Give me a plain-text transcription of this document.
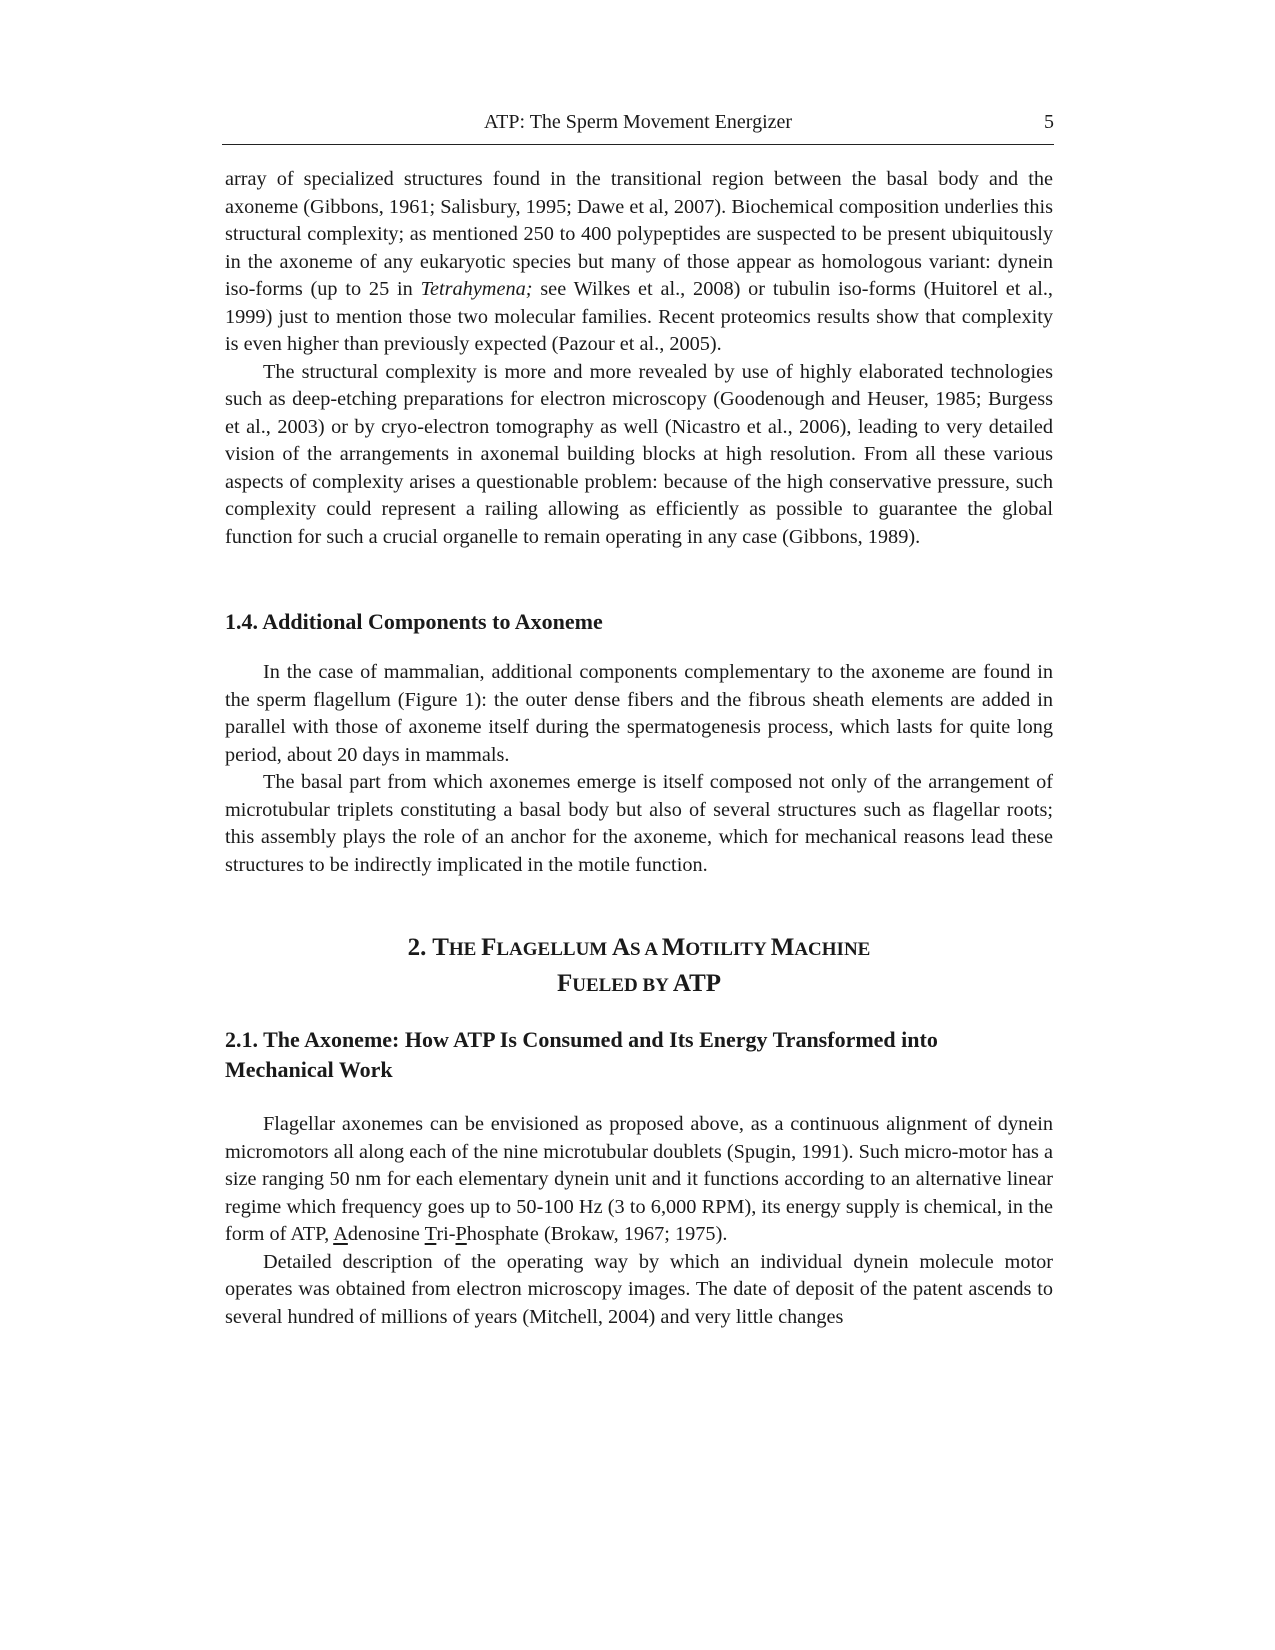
ATP: The Sperm Movement Energizer	5

array of specialized structures found in the transitional region between the basal body and the axoneme (Gibbons, 1961; Salisbury, 1995; Dawe et al, 2007). Biochemical composition underlies this structural complexity; as mentioned 250 to 400 polypeptides are suspected to be present ubiquitously in the axoneme of any eukaryotic species but many of those appear as homologous variant: dynein iso-forms (up to 25 in Tetrahymena; see Wilkes et al., 2008) or tubulin iso-forms (Huitorel et al., 1999) just to mention those two molecular families. Recent proteomics results show that complexity is even higher than previously expected (Pazour et al., 2005).

The structural complexity is more and more revealed by use of highly elaborated technologies such as deep-etching preparations for electron microscopy (Goodenough and Heuser, 1985; Burgess et al., 2003) or by cryo-electron tomography as well (Nicastro et al., 2006), leading to very detailed vision of the arrangements in axonemal building blocks at high resolution. From all these various aspects of complexity arises a questionable problem: because of the high conservative pressure, such complexity could represent a railing allowing as efficiently as possible to guarantee the global function for such a crucial organelle to remain operating in any case (Gibbons, 1989).

1.4. Additional Components to Axoneme

In the case of mammalian, additional components complementary to the axoneme are found in the sperm flagellum (Figure 1): the outer dense fibers and the fibrous sheath elements are added in parallel with those of axoneme itself during the spermatogenesis process, which lasts for quite long period, about 20 days in mammals.

The basal part from which axonemes emerge is itself composed not only of the arrangement of microtubular triplets constituting a basal body but also of several structures such as flagellar roots; this assembly plays the role of an anchor for the axoneme, which for mechanical reasons lead these structures to be indirectly implicated in the motile function.

2. THE FLAGELLUM AS A MOTILITY MACHINE
FUELED BY ATP
2.1. The Axoneme: How ATP Is Consumed and Its Energy Transformed into Mechanical Work

Flagellar axonemes can be envisioned as proposed above, as a continuous alignment of dynein micromotors all along each of the nine microtubular doublets (Spugin, 1991). Such micro-motor has a size ranging 50 nm for each elementary dynein unit and it functions according to an alternative linear regime which frequency goes up to 50-100 Hz (3 to 6,000 RPM), its energy supply is chemical, in the form of ATP, Adenosine Tri-Phosphate (Brokaw, 1967; 1975).

Detailed description of the operating way by which an individual dynein molecule motor operates was obtained from electron microscopy images. The date of deposit of the patent ascends to several hundred of millions of years (Mitchell, 2004) and very little changes
